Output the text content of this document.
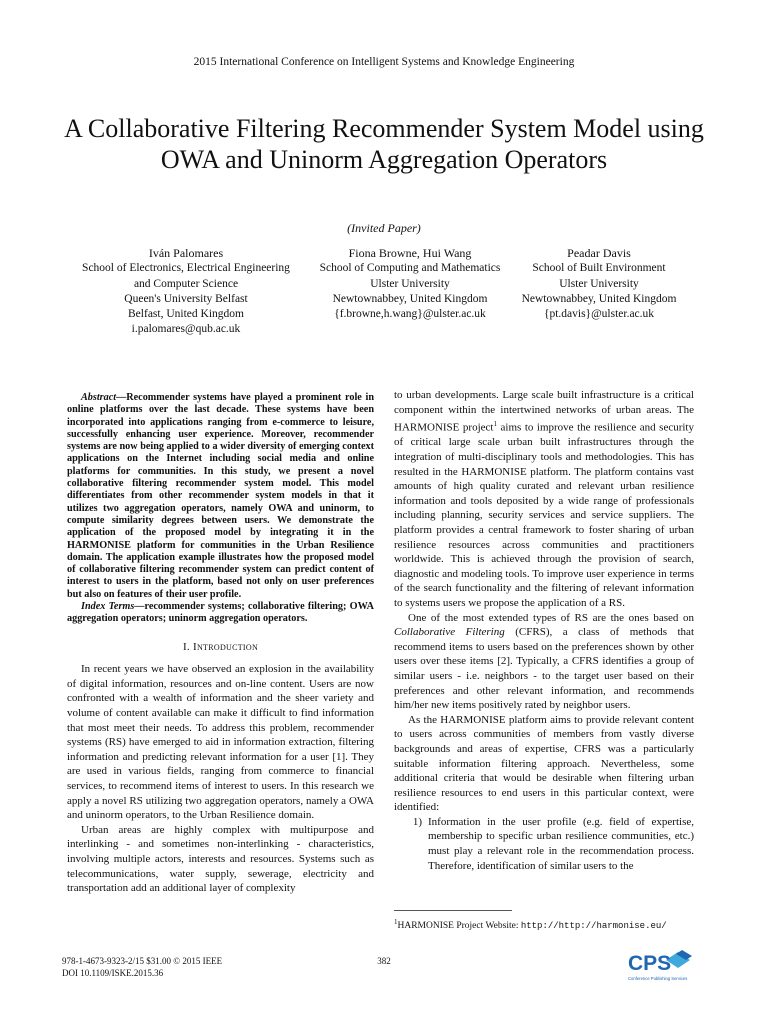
2015 International Conference on Intelligent Systems and Knowledge Engineering
A Collaborative Filtering Recommender System Model using OWA and Uninorm Aggregation Operators
(Invited Paper)
Iván Palomares
School of Electronics, Electrical Engineering
and Computer Science
Queen's University Belfast
Belfast, United Kingdom
i.palomares@qub.ac.uk
Fiona Browne, Hui Wang
School of Computing and Mathematics
Ulster University
Newtownabbey, United Kingdom
{f.browne,h.wang}@ulster.ac.uk
Peadar Davis
School of Built Environment
Ulster University
Newtownabbey, United Kingdom
{pt.davis}@ulster.ac.uk

Abstract—Recommender systems have played a prominent role in online platforms over the last decade. These systems have been incorporated into applications ranging from e-commerce to leisure, successfully enhancing user experience. Moreover, recommender systems are now being applied to a wider diversity of emerging context applications on the Internet including social media and online platforms for communities. In this study, we present a novel collaborative filtering recommender system model. This model differentiates from other recommender system models in that it utilizes two aggregation operators, namely OWA and uninorm, to compute similarity degrees between users. We demonstrate the application of the proposed model by integrating it in the HARMONISE platform for communities in the Urban Resilience domain. The application example illustrates how the proposed model of collaborative filtering recommender system can predict content of interest to users in the platform, based not only on user preferences but also on features of their user profile.

Index Terms—recommender systems; collaborative filtering; OWA aggregation operators; uninorm aggregation operators.

I. Introduction

In recent years we have observed an explosion in the availability of digital information, resources and on-line content. Users are now confronted with a wealth of information and the sheer variety and volume of content available can make it difficult to find information that most meet their needs. To address this problem, recommender systems (RS) have emerged to aid in information extraction, filtering information and predicting relevant information for a user [1]. They are used in various fields, ranging from commerce to financial services, to recommend items of interest to users. In this research we apply a novel RS utilizing two aggregation operators, namely a OWA and uninorm operators, to the Urban Resilience domain.

Urban areas are highly complex with multipurpose and interlinking - and sometimes non-interlinking - characteristics, involving multiple actors, interests and resources. Systems such as telecommunications, water supply, sewerage, electricity and transportation add an additional layer of complexity

to urban developments. Large scale built infrastructure is a critical component within the intertwined networks of urban areas. The HARMONISE project$^1$ aims to improve the resilience and security of critical large scale urban built infrastructures through the integration of multi-disciplinary tools and methodologies. This has resulted in the HARMONISE platform. The platform contains vast amounts of high quality curated and relevant urban resilience information and tools deposited by a wide range of professionals including planning, security services and service suppliers. The platform provides a central framework to foster sharing of urban resilience resources across communities and practitioners worldwide. This is achieved through the provision of search, diagnostic and modeling tools. To improve user experience in terms of the search functionality and the filtering of relevant information to systems users we propose the application of a RS.

One of the most extended types of RS are the ones based on Collaborative Filtering (CFRS), a class of methods that recommend items to users based on the preferences shown by other users over these items [2]. Typically, a CFRS identifies a group of similar users - i.e. neighbors - to the target user based on their preferences and other relevant information, and recommends him/her new items positively rated by neighbor users.

As the HARMONISE platform aims to provide relevant content to users across communities of members from vastly diverse backgrounds and areas of expertise, CFRS was a particularly suitable information filtering approach. Nevertheless, some additional criteria that would be desirable when filtering urban resilience resources to end users in this particular context, were identified:

1) Information in the user profile (e.g. field of expertise, membership to specific urban resilience communities, etc.) must play a relevant role in the recommendation process. Therefore, identification of similar users to the
$^1$HARMONISE Project Website: http://http://harmonise.eu/
978-1-4673-9323-2/15 $31.00 © 2015 IEEE
DOI 10.1109/ISKE.2015.36
382	CPS
Conference Publishing Services
